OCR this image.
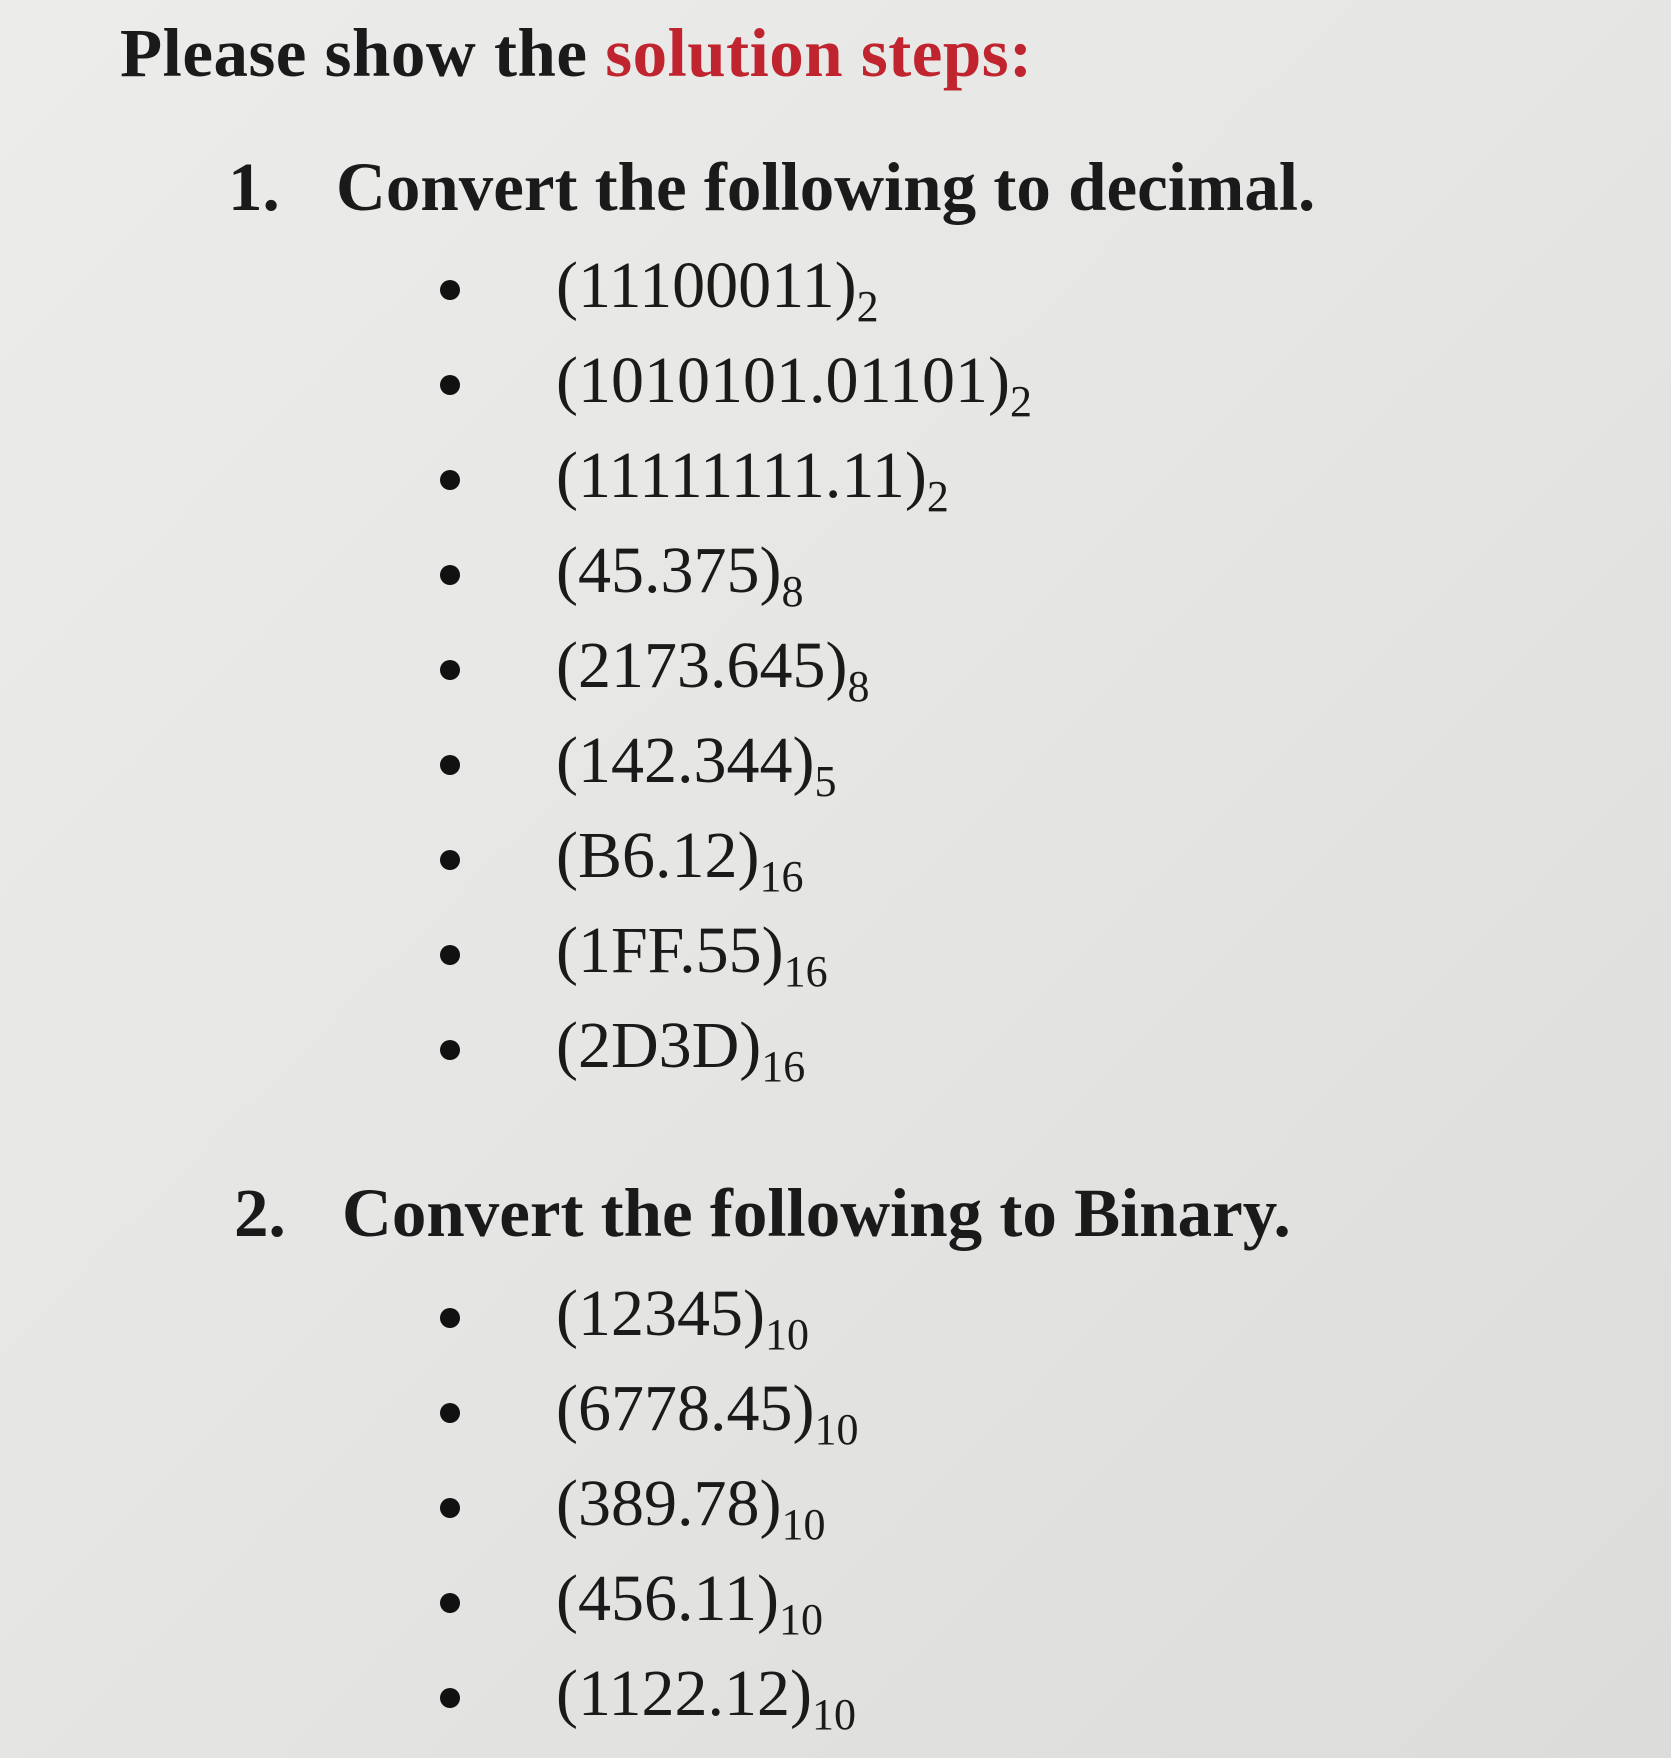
Please show the solution steps:
1. Convert the following to decimal.
$(11100011)_2$
$(1010101.01101)_2$
$(11111111.11)_2$
$(45.375)_8$
$(2173.645)_8$
$(142.344)_5$
$(B6.12)_{16}$
$(1FF.55)_{16}$
$(2D3D)_{16}$
2. Convert the following to Binary.
$(12345)_{10}$
$(6778.45)_{10}$
$(389.78)_{10}$
$(456.11)_{10}$
$(1122.12)_{10}$
